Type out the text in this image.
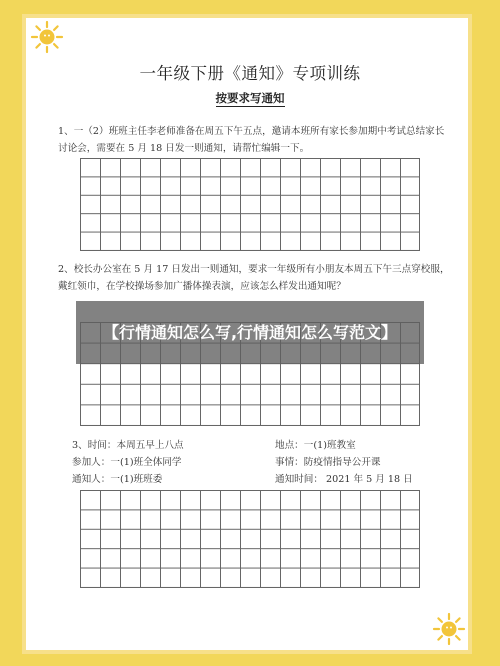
一年级下册《通知》专项训练
按要求写通知
1、一（2）班班主任李老师准备在周五下午五点，邀请本班所有家长参加期中考试总结家长讨论会，需要在 5 月 18 日发一则通知，请帮忙编辑一下。
2、校长办公室在 5 月 17 日发出一则通知，要求一年级所有小朋友本周五下午三点穿校服，戴红领巾，在学校操场参加广播体操表演，应该怎么样发出通知呢？
3、时间：本周五早上八点
参加人：一(1)班全体同学
通知人：一(1)班班委
地点：一(1)班教室
事情：防疫情指导公开课
通知时间： 2021 年 5 月 18 日
【行情通知怎么写,行情通知怎么写范文】
